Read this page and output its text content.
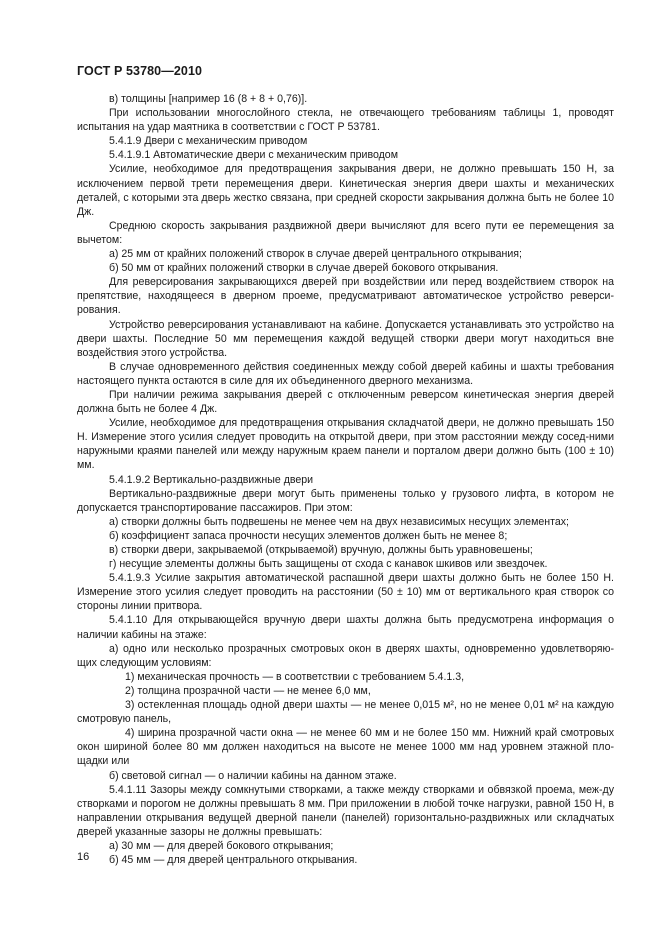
ГОСТ Р 53780—2010

в) толщины [например 16 (8 + 8 + 0,76)].

При использовании многослойного стекла, не отвечающего требованиям таблицы 1, проводят испытания на удар маятника в соответствии с ГОСТ Р 53781.

5.4.1.9 Двери с механическим приводом

5.4.1.9.1 Автоматические двери с механическим приводом

Усилие, необходимое для предотвращения закрывания двери, не должно превышать 150 Н, за исключением первой трети перемещения двери. Кинетическая энергия двери шахты и механических деталей, с которыми эта дверь жестко связана, при средней скорости закрывания должна быть не более 10 Дж.

Среднюю скорость закрывания раздвижной двери вычисляют для всего пути ее перемещения за вычетом:

а) 25 мм от крайних положений створок в случае дверей центрального открывания;

б) 50 мм от крайних положений створки в случае дверей бокового открывания.

Для реверсирования закрывающихся дверей при воздействии или перед воздействием створок на препятствие, находящееся в дверном проеме, предусматривают автоматическое устройство реверси-рования.

Устройство реверсирования устанавливают на кабине. Допускается устанавливать это устройство на двери шахты. Последние 50 мм перемещения каждой ведущей створки двери могут находиться вне воздействия этого устройства.

В случае одновременного действия соединенных между собой дверей кабины и шахты требования настоящего пункта остаются в силе для их объединенного дверного механизма.

При наличии режима закрывания дверей с отключенным реверсом кинетическая энергия дверей должна быть не более 4 Дж.

Усилие, необходимое для предотвращения открывания складчатой двери, не должно превышать 150 Н. Измерение этого усилия следует проводить на открытой двери, при этом расстоянии между сосед-ними наружными краями панелей или между наружным краем панели и порталом двери должно быть (100 ± 10) мм.

5.4.1.9.2 Вертикально-раздвижные двери

Вертикально-раздвижные двери могут быть применены только у грузового лифта, в котором не допускается транспортирование пассажиров. При этом:

а) створки должны быть подвешены не менее чем на двух независимых несущих элементах;

б) коэффициент запаса прочности несущих элементов должен быть не менее 8;

в) створки двери, закрываемой (открываемой) вручную, должны быть уравновешены;

г) несущие элементы должны быть защищены от схода с канавок шкивов или звездочек.

5.4.1.9.3 Усилие закрытия автоматической распашной двери шахты должно быть не более 150 Н. Измерение этого усилия следует проводить на расстоянии (50 ± 10) мм от вертикального края створок со стороны линии притвора.

5.4.1.10 Для открывающейся вручную двери шахты должна быть предусмотрена информация о наличии кабины на этаже:

а) одно или несколько прозрачных смотровых окон в дверях шахты, одновременно удовлетворяю-щих следующим условиям:

1) механическая прочность — в соответствии с требованием 5.4.1.3,

2) толщина прозрачной части — не менее 6,0 мм,

3) остекленная площадь одной двери шахты — не менее 0,015 м², но не менее 0,01 м² на каждую смотровую панель,

4) ширина прозрачной части окна — не менее 60 мм и не более 150 мм. Нижний край смотровых окон шириной более 80 мм должен находиться на высоте не менее 1000 мм над уровнем этажной пло-щадки или

б) световой сигнал — о наличии кабины на данном этаже.

5.4.1.11 Зазоры между сомкнутыми створками, а также между створками и обвязкой проема, меж-ду створками и порогом не должны превышать 8 мм. При приложении в любой точке нагрузки, равной 150 Н, в направлении открывания ведущей дверной панели (панелей) горизонтально-раздвижных или складчатых дверей указанные зазоры не должны превышать:

а) 30 мм — для дверей бокового открывания;

б) 45 мм — для дверей центрального открывания.

16
